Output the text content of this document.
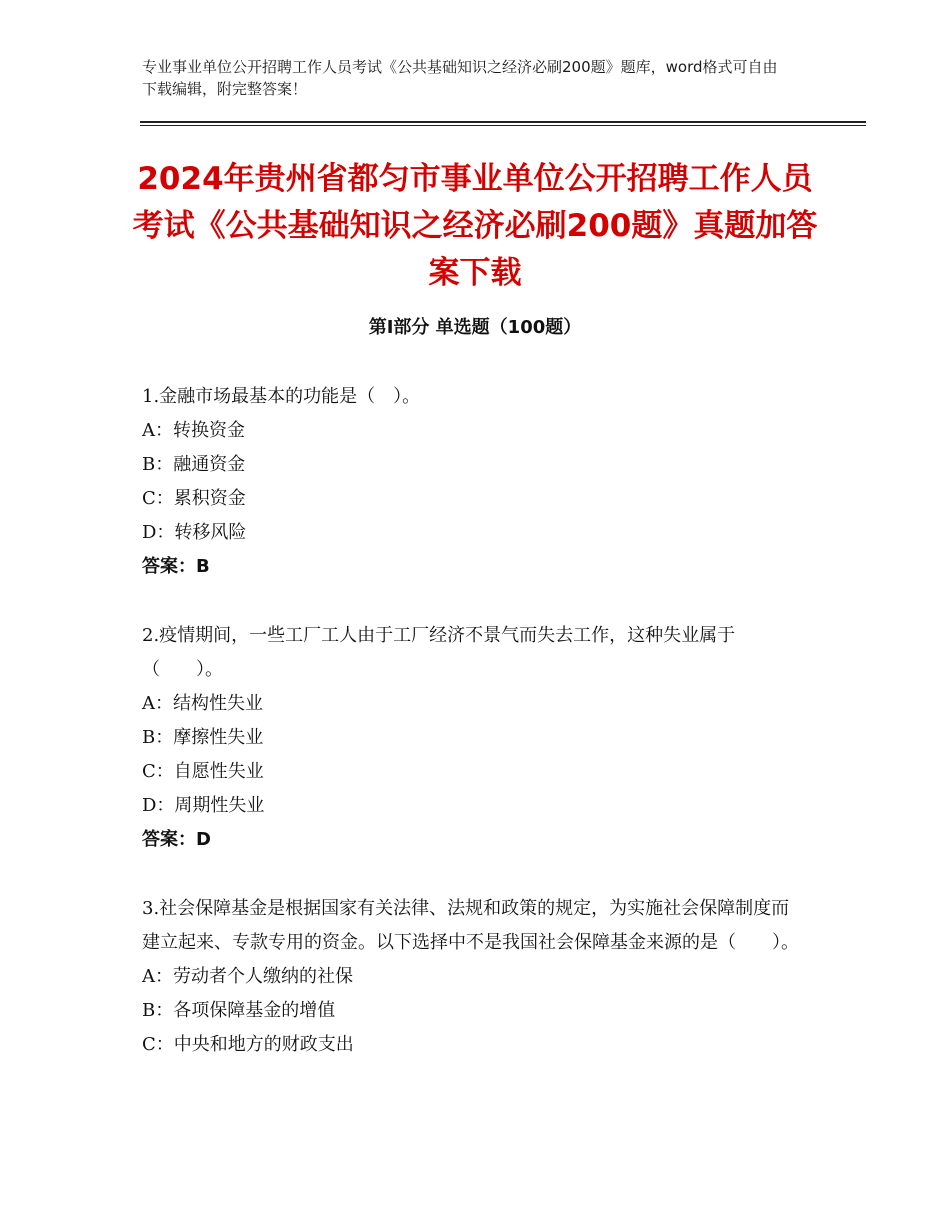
专业事业单位公开招聘工作人员考试《公共基础知识之经济必刷200题》题库，word格式可自由下载编辑，附完整答案！
2024年贵州省都匀市事业单位公开招聘工作人员考试《公共基础知识之经济必刷200题》真题加答案下载
第I部分 单选题（100题）

1.金融市场最基本的功能是（　）。

A：转换资金

B：融通资金

C：累积资金

D：转移风险

答案：B

2.疫情期间，一些工厂工人由于工厂经济不景气而失去工作，这种失业属于（　　）。

A：结构性失业

B：摩擦性失业

C：自愿性失业

D：周期性失业

答案：D

3.社会保障基金是根据国家有关法律、法规和政策的规定，为实施社会保障制度而建立起来、专款专用的资金。以下选择中不是我国社会保障基金来源的是（　　）。

A：劳动者个人缴纳的社保

B：各项保障基金的增值

C：中央和地方的财政支出
